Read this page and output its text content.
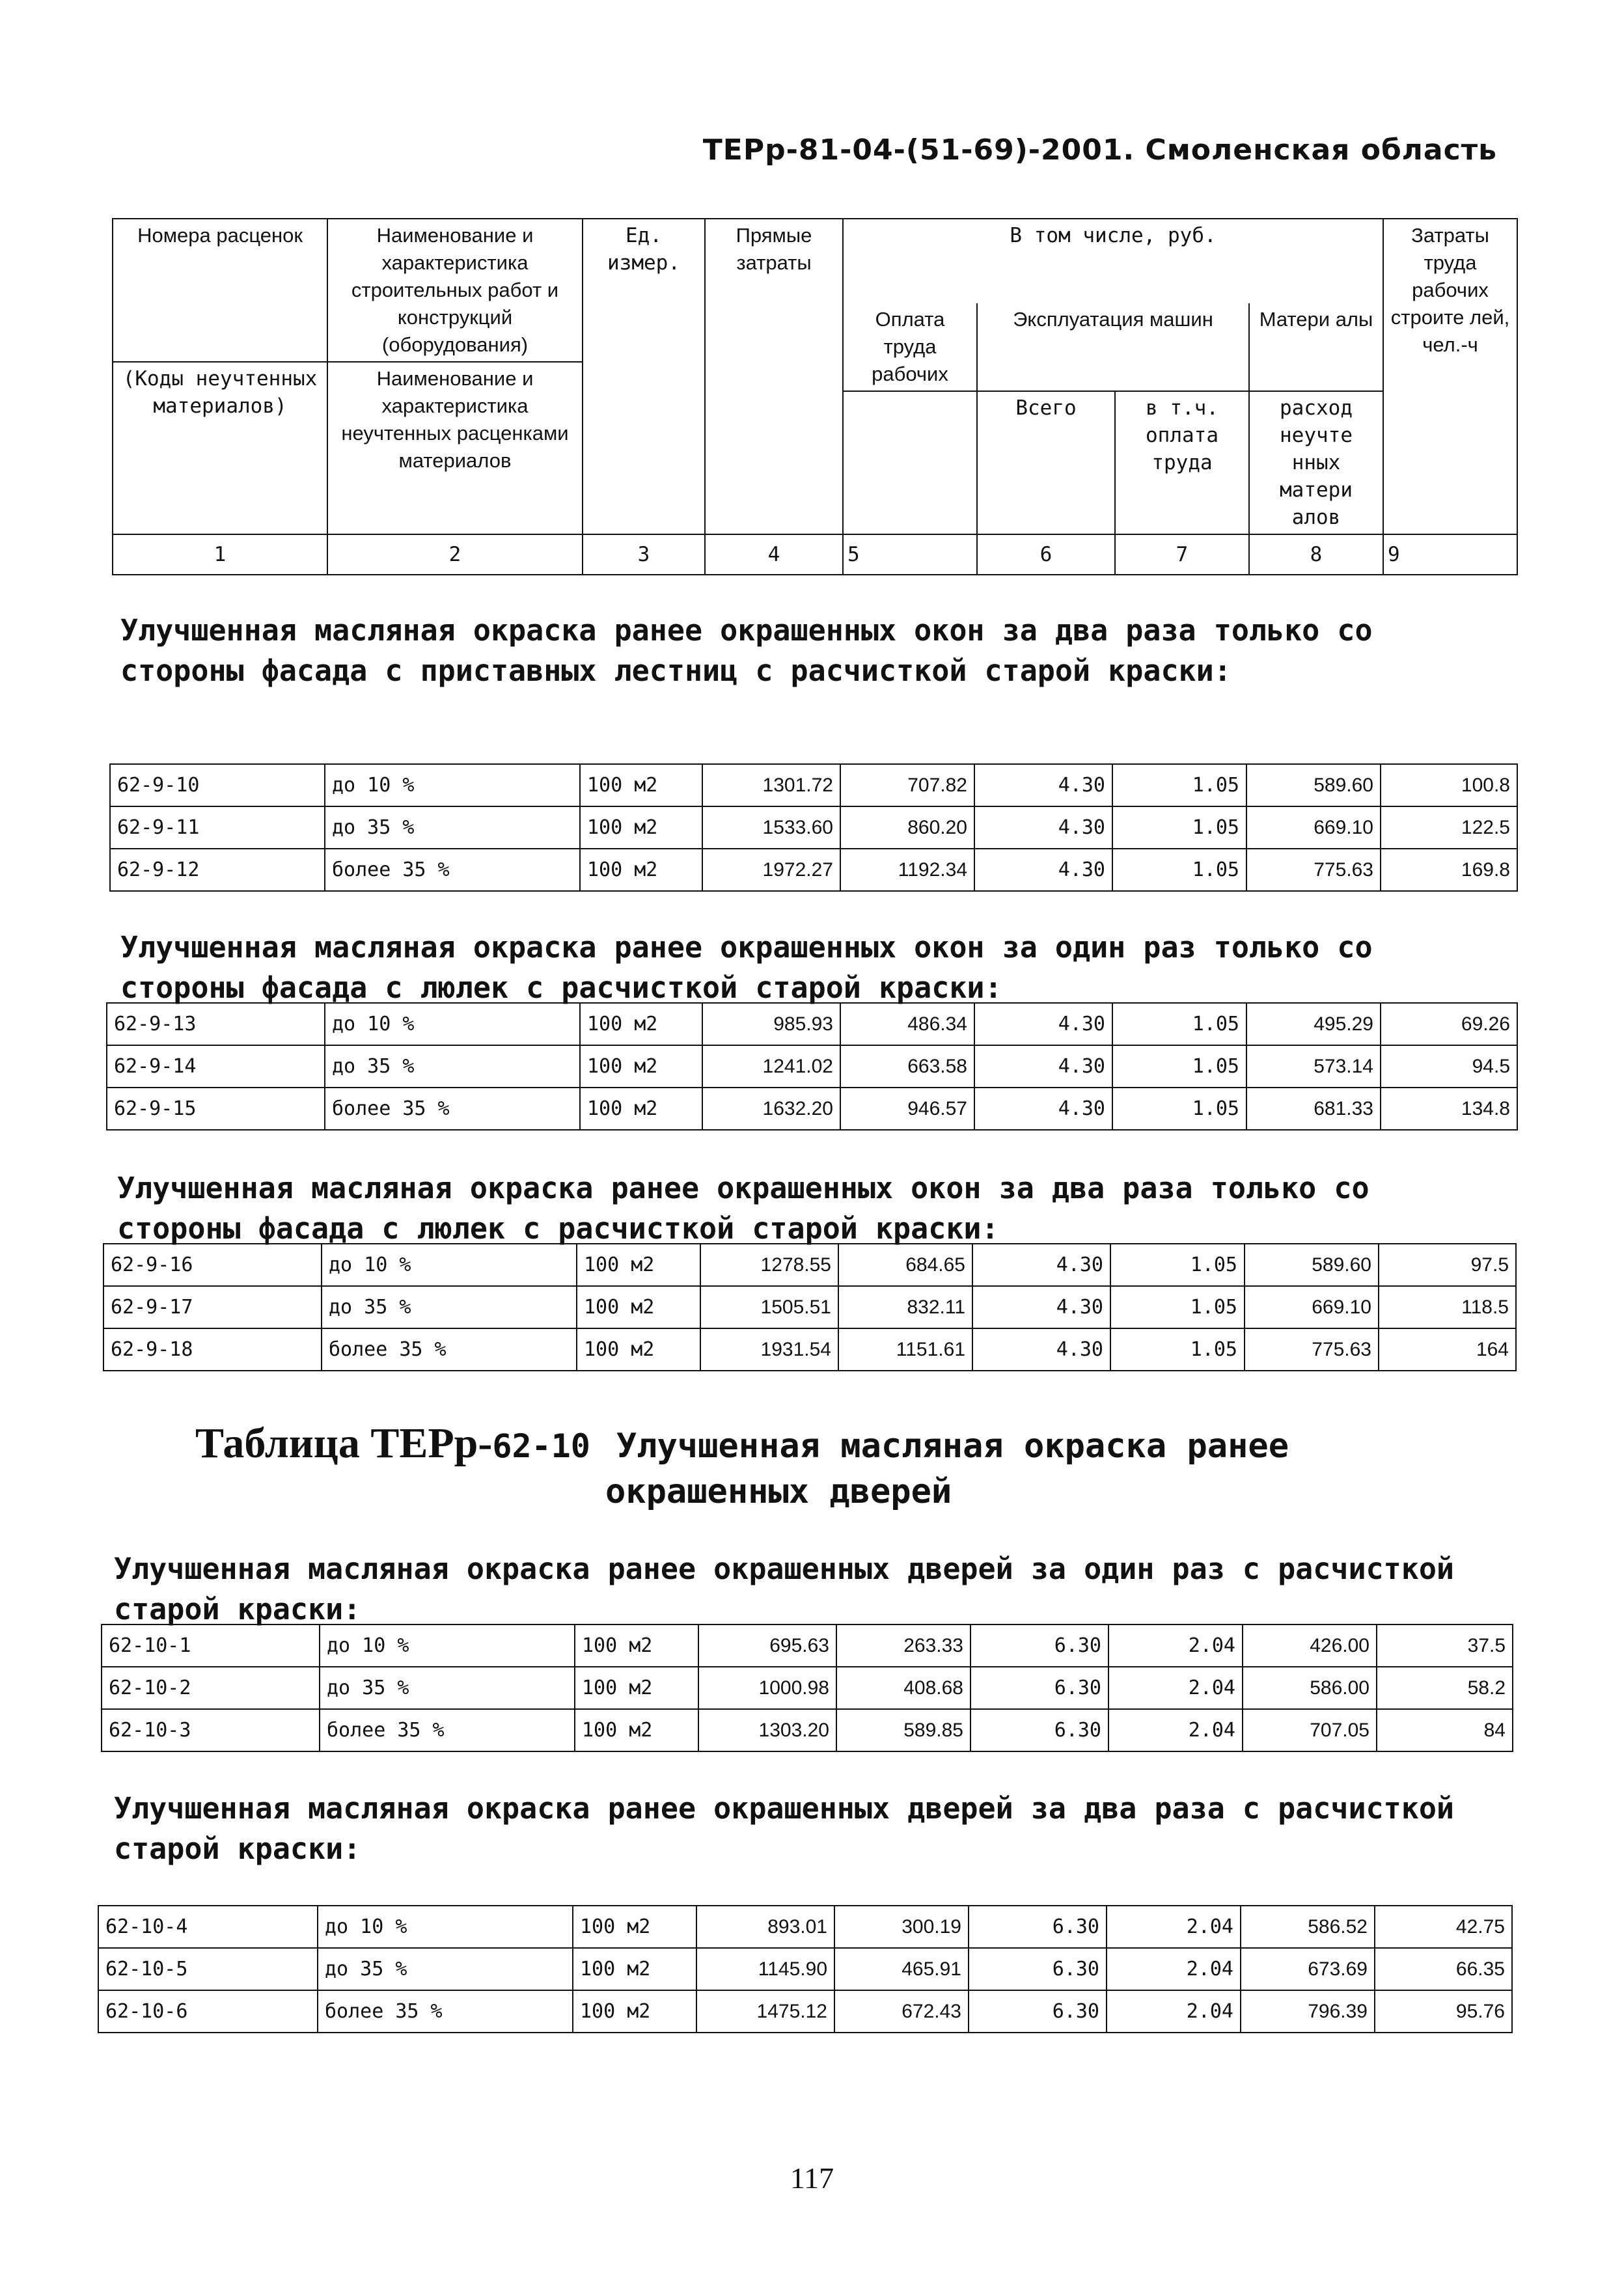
ТЕРр-81-04-(51-69)-2001. Смоленская область
Номера расценок	Наименование и характеристика строительных работ и конструкций (оборудования)	Ед. измер.	Прямые затраты	В том числе, руб.				Затраты труда рабочих строите лей, чел.-ч
				Оплата труда рабочих	Эксплуатация машин		Матери алы	
(Коды неучтенных материалов)	Наименование и характеристика неучтенных расценками материалов							
					Всего	в т.ч. оплата труда	расход неучте нных матери алов	
1	2	3	4	5	6	7	8	9
Улучшенная масляная окраска ранее окрашенных окон за два раза только со стороны фасада с приставных лестниц с расчисткой старой краски:
62-9-10	до 10 %	100 м2	1301.72	707.82	4.30	1.05	589.60	100.8
62-9-11	до 35 %	100 м2	1533.60	860.20	4.30	1.05	669.10	122.5
62-9-12	более 35 %	100 м2	1972.27	1192.34	4.30	1.05	775.63	169.8
Улучшенная масляная окраска ранее окрашенных окон за один раз только со стороны фасада с люлек с расчисткой старой краски:
62-9-13	до 10 %	100 м2	985.93	486.34	4.30	1.05	495.29	69.26
62-9-14	до 35 %	100 м2	1241.02	663.58	4.30	1.05	573.14	94.5
62-9-15	более 35 %	100 м2	1632.20	946.57	4.30	1.05	681.33	134.8
Улучшенная масляная окраска ранее окрашенных окон за два раза только со стороны фасада с люлек с расчисткой старой краски:
62-9-16	до 10 %	100 м2	1278.55	684.65	4.30	1.05	589.60	97.5
62-9-17	до 35 %	100 м2	1505.51	832.11	4.30	1.05	669.10	118.5
62-9-18	более 35 %	100 м2	1931.54	1151.61	4.30	1.05	775.63	164
Таблица ТЕРр-62-10 Улучшенная масляная окраска ранее
окрашенных дверей
Улучшенная масляная окраска ранее окрашенных дверей за один раз с расчисткой старой краски:
62-10-1	до 10 %	100 м2	695.63	263.33	6.30	2.04	426.00	37.5
62-10-2	до 35 %	100 м2	1000.98	408.68	6.30	2.04	586.00	58.2
62-10-3	более 35 %	100 м2	1303.20	589.85	6.30	2.04	707.05	84
Улучшенная масляная окраска ранее окрашенных дверей за два раза с расчисткой старой краски:
62-10-4	до 10 %	100 м2	893.01	300.19	6.30	2.04	586.52	42.75
62-10-5	до 35 %	100 м2	1145.90	465.91	6.30	2.04	673.69	66.35
62-10-6	более 35 %	100 м2	1475.12	672.43	6.30	2.04	796.39	95.76
117
